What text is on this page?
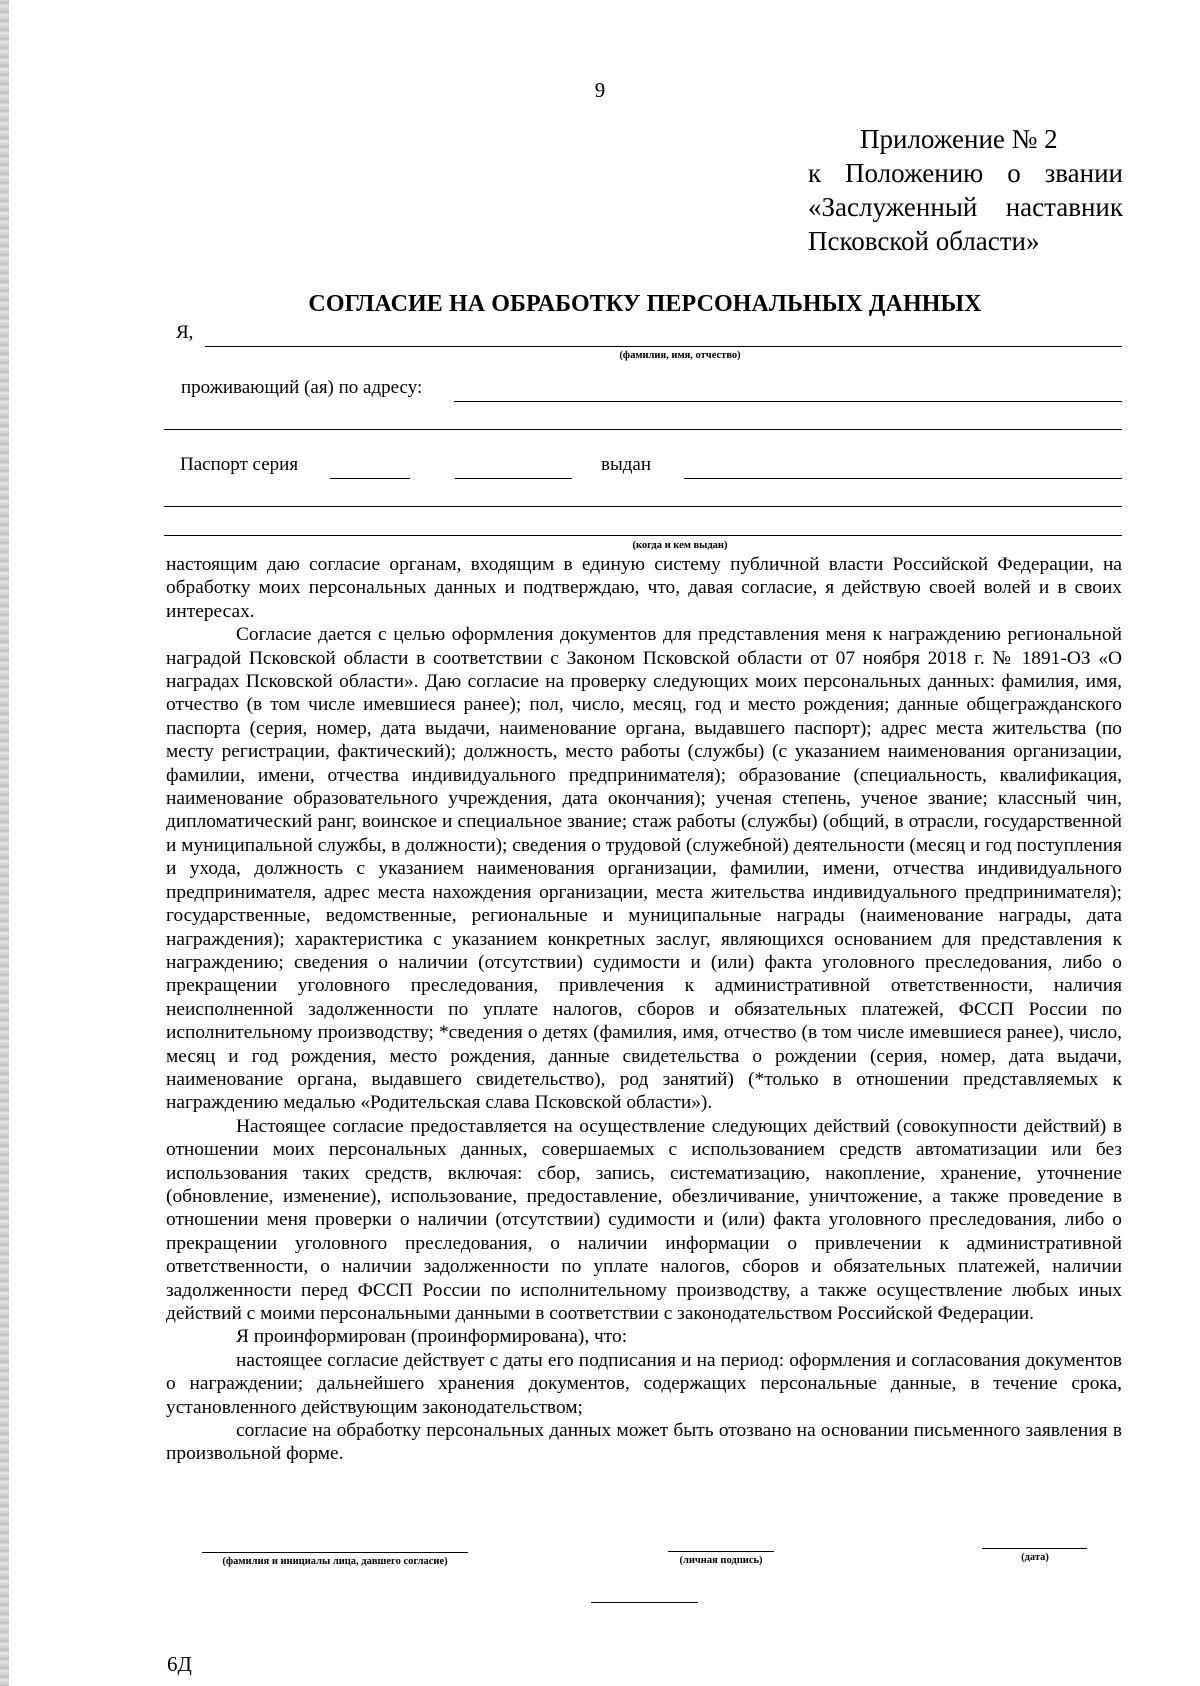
9
Приложение № 2
к Положению о звании
«Заслуженный наставник
Псковской области»
СОГЛАСИЕ НА ОБРАБОТКУ ПЕРСОНАЛЬНЫХ ДАННЫХ
Я,
(фамилия, имя, отчество)
проживающий (ая) по адресу:
Паспорт серия	выдан
(когда и кем выдан)

настоящим даю согласие органам, входящим в единую систему публичной власти Российской Федерации, на обработку моих персональных данных и подтверждаю, что, давая согласие, я действую своей волей и в своих интересах.

Согласие дается с целью оформления документов для представления меня к награждению региональной наградой Псковской области в соответствии с Законом Псковской области от 07 ноября 2018 г. № 1891-ОЗ «О наградах Псковской области». Даю согласие на проверку следующих моих персональных данных: фамилия, имя, отчество (в том числе имевшиеся ранее); пол, число, месяц, год и место рождения; данные общегражданского паспорта (серия, номер, дата выдачи, наименование органа, выдавшего паспорт); адрес места жительства (по месту регистрации, фактический); должность, место работы (службы) (с указанием наименования организации, фамилии, имени, отчества индивидуального предпринимателя); образование (специальность, квалификация, наименование образовательного учреждения, дата окончания); ученая степень, ученое звание; классный чин, дипломатический ранг, воинское и специальное звание; стаж работы (службы) (общий, в отрасли, государственной и муниципальной службы, в должности); сведения о трудовой (служебной) деятельности (месяц и год поступления и ухода, должность с указанием наименования организации, фамилии, имени, отчества индивидуального предпринимателя, адрес места нахождения организации, места жительства индивидуального предпринимателя); государственные, ведомственные, региональные и муниципальные награды (наименование награды, дата награждения); характеристика с указанием конкретных заслуг, являющихся основанием для представления к награждению; сведения о наличии (отсутствии) судимости и (или) факта уголовного преследования, либо о прекращении уголовного преследования, привлечения к административной ответственности, наличия неисполненной задолженности по уплате налогов, сборов и обязательных платежей, ФССП России по исполнительному производству; *сведения о детях (фамилия, имя, отчество (в том числе имевшиеся ранее), число, месяц и год рождения, место рождения, данные свидетельства о рождении (серия, номер, дата выдачи, наименование органа, выдавшего свидетельство), род занятий) (*только в отношении представляемых к награждению медалью «Родительская слава Псковской области»).

Настоящее согласие предоставляется на осуществление следующих действий (совокупности действий) в отношении моих персональных данных, совершаемых с использованием средств автоматизации или без использования таких средств, включая: сбор, запись, систематизацию, накопление, хранение, уточнение (обновление, изменение), использование, предоставление, обезличивание, уничтожение, а также проведение в отношении меня проверки о наличии (отсутствии) судимости и (или) факта уголовного преследования, либо о прекращении уголовного преследования, о наличии информации о привлечении к административной ответственности, о наличии задолженности по уплате налогов, сборов и обязательных платежей, наличии задолженности перед ФССП России по исполнительному производству, а также осуществление любых иных действий с моими персональными данными в соответствии с законодательством Российской Федерации.

Я проинформирован (проинформирована), что:

настоящее согласие действует с даты его подписания и на период: оформления и согласования документов о награждении; дальнейшего хранения документов, содержащих персональные данные, в течение срока, установленного действующим законодательством;

согласие на обработку персональных данных может быть отозвано на основании письменного заявления в произвольной форме.

(фамилия и инициалы лица, давшего согласие)	(личная подпись)	(дата)
6Д
